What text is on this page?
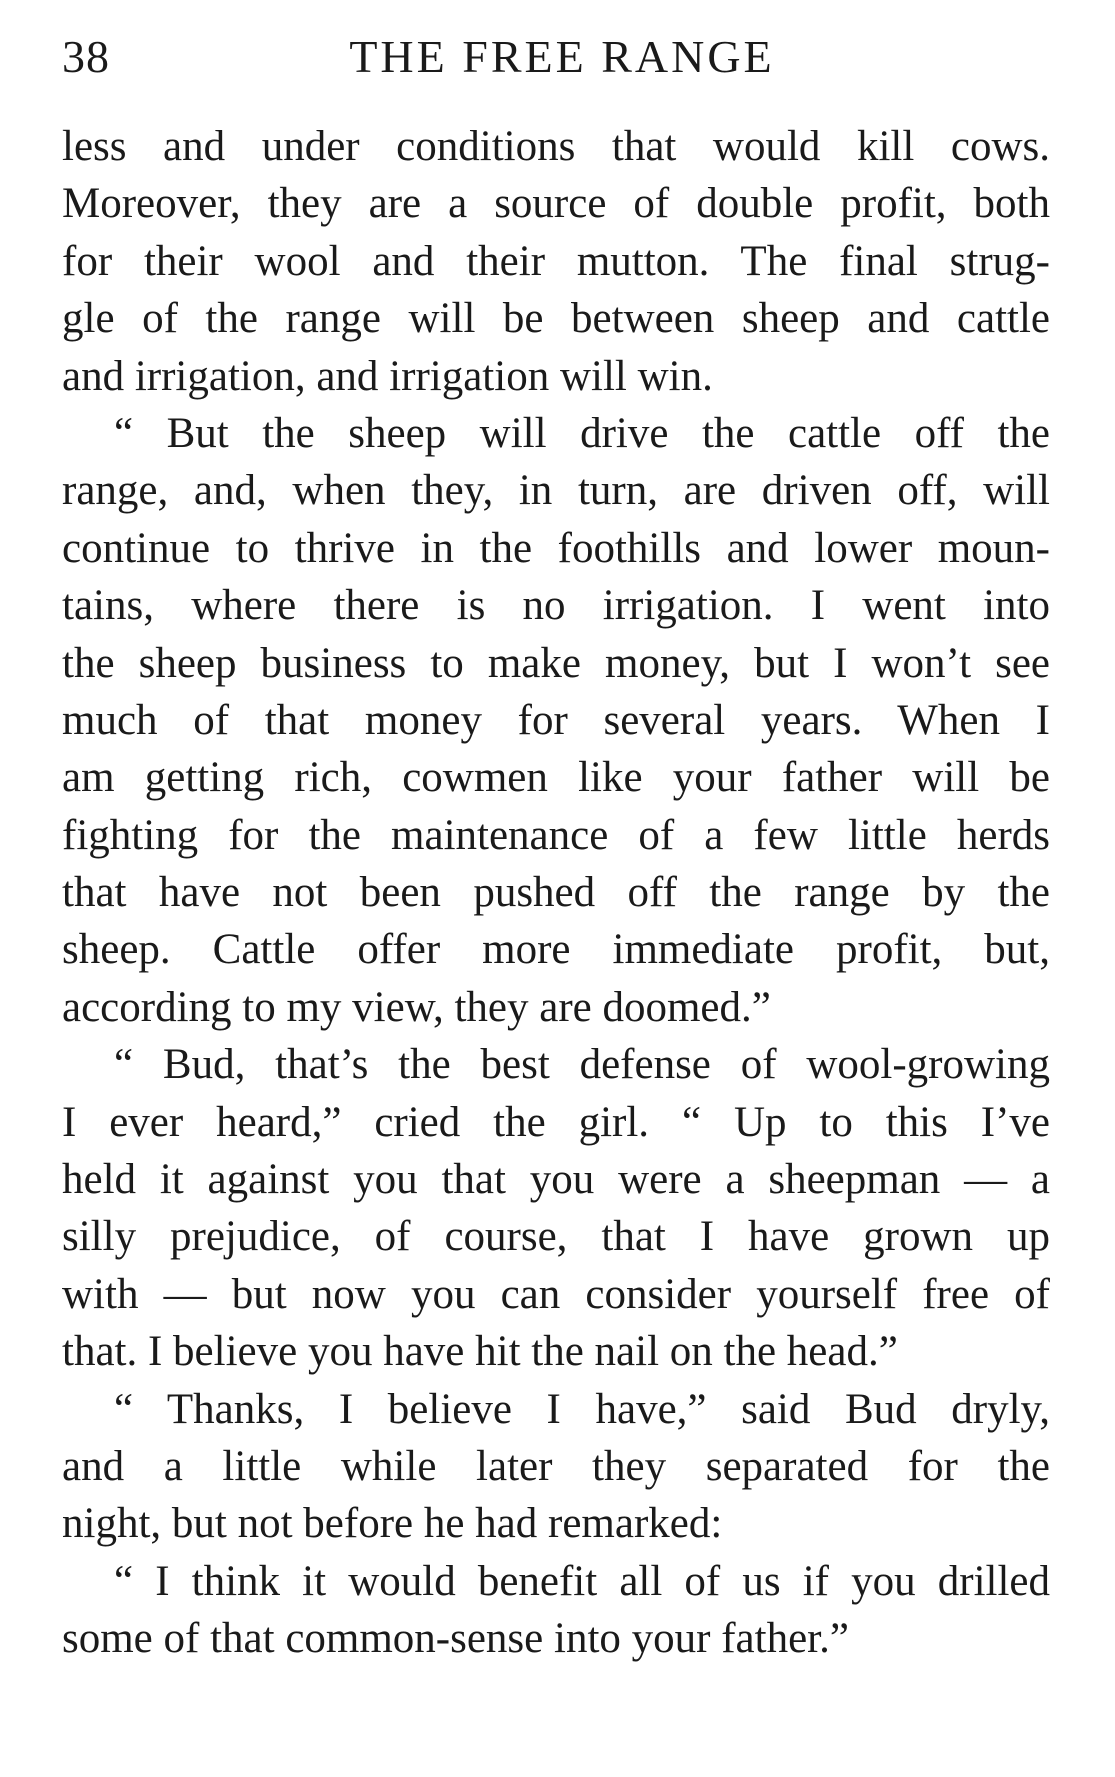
38	THE FREE RANGE
less and under conditions that would kill cows.
Moreover, they are a source of double profit, both
for their wool and their mutton. The final strug-
gle of the range will be between sheep and cattle
and irrigation, and irrigation will win.
“ But the sheep will drive the cattle off the
range, and, when they, in turn, are driven off, will
continue to thrive in the foothills and lower moun-
tains, where there is no irrigation. I went into
the sheep business to make money, but I won’t see
much of that money for several years. When I
am getting rich, cowmen like your father will be
fighting for the maintenance of a few little herds
that have not been pushed off the range by the
sheep. Cattle offer more immediate profit, but,
according to my view, they are doomed.”
“ Bud, that’s the best defense of wool-growing
I ever heard,” cried the girl. “ Up to this I’ve
held it against you that you were a sheepman — a
silly prejudice, of course, that I have grown up
with — but now you can consider yourself free of
that. I believe you have hit the nail on the head.”
“ Thanks, I believe I have,” said Bud dryly,
and a little while later they separated for the
night, but not before he had remarked:
“ I think it would benefit all of us if you drilled
some of that common-sense into your father.”
